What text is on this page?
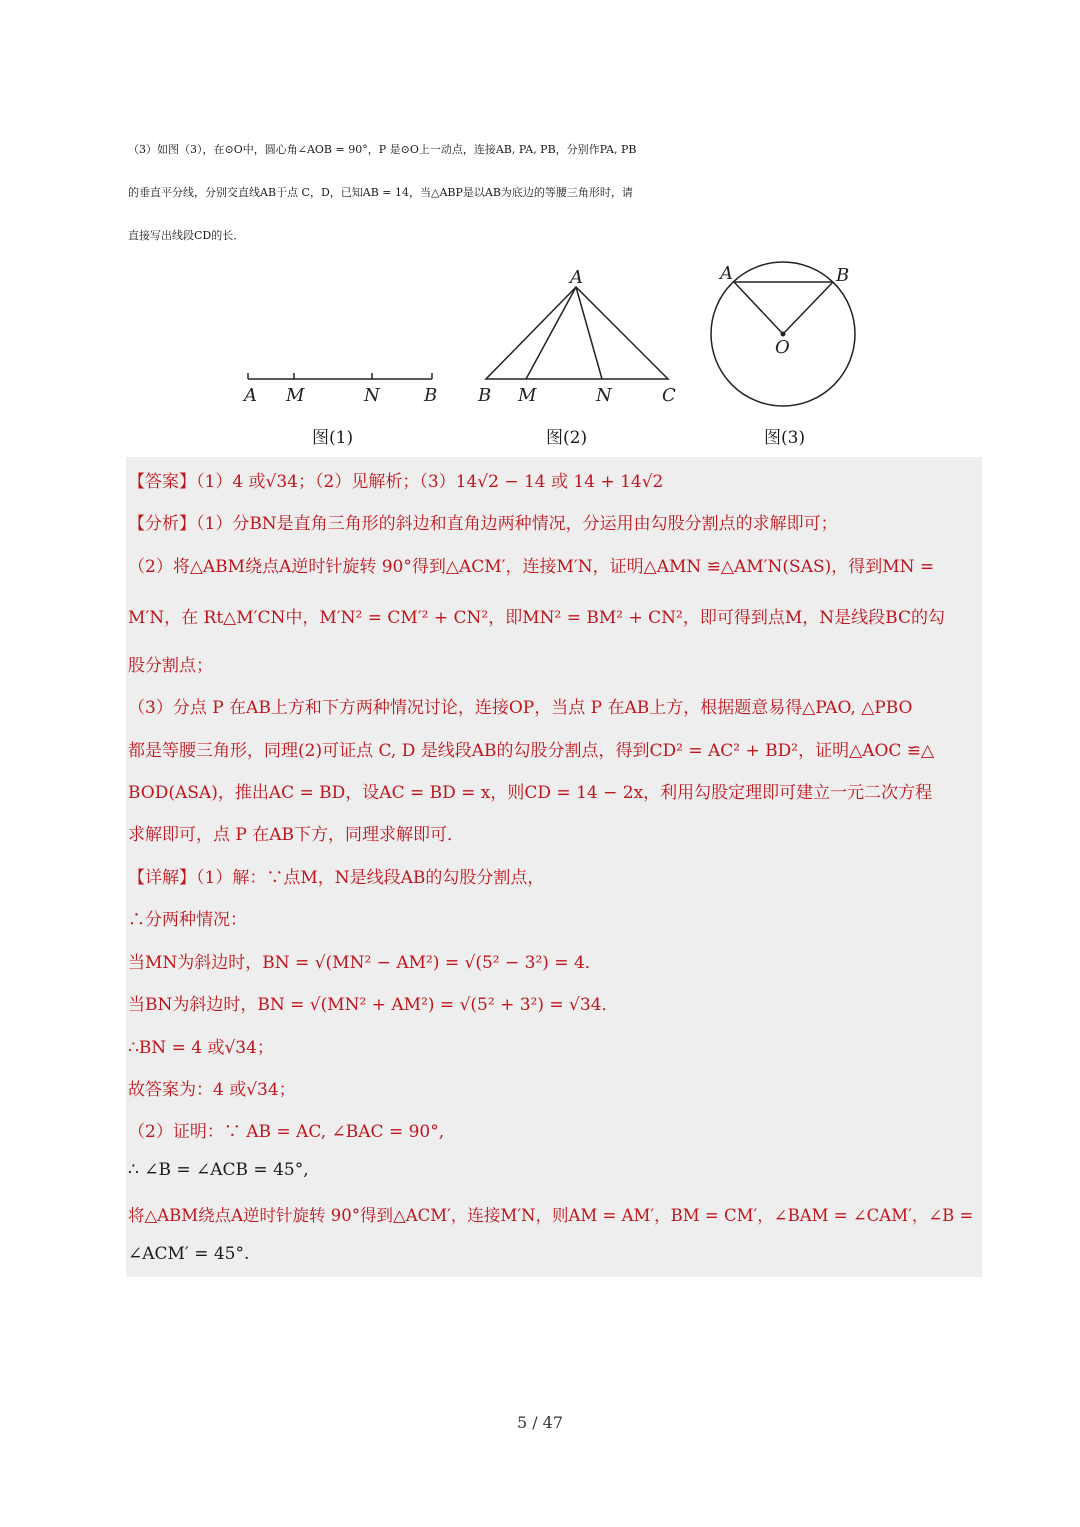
（3）如图（3），在⊙O中，圆心角∠AOB = 90°，P 是⊙O上一动点，连接AB, PA, PB，分别作PA, PB
的垂直平分线，分别交直线AB于点 C，D，已知AB = 14，当△ABP是以AB为底边的等腰三角形时，请
直接写出线段CD的长．
A M	N B
A
B M	N	C
A	B
O
图(1)	图(2)	图(3)
【答案】（1）4 或√34；（2）见解析；（3）14√2 − 14 或 14 + 14√2
【分析】（1）分BN是直角三角形的斜边和直角边两种情况，分运用由勾股分割点的求解即可；
（2）将△ABM绕点A逆时针旋转 90°得到△ACM′，连接M′N，证明△AMN ≌△AM′N(SAS)，得到MN =
M′N，在 Rt△M′CN中，M′N² = CM′² + CN²，即MN² = BM² + CN²，即可得到点M，N是线段BC的勾
股分割点；
（3）分点 P 在AB上方和下方两种情况讨论，连接OP，当点 P 在AB上方，根据题意易得△PAO, △PBO
都是等腰三角形，同理(2)可证点 C, D 是线段AB的勾股分割点，得到CD² = AC² + BD²，证明△AOC ≌△
BOD(ASA)，推出AC = BD，设AC = BD = x，则CD = 14 − 2x，利用勾股定理即可建立一元二次方程
求解即可，点 P 在AB下方，同理求解即可．
【详解】（1）解：∵点M，N是线段AB的勾股分割点，
∴分两种情况：
当MN为斜边时，BN = √(MN² − AM²) = √(5² − 3²) = 4．
当BN为斜边时，BN = √(MN² + AM²) = √(5² + 3²) = √34．
∴BN = 4 或√34；
故答案为：4 或√34；
（2）证明：∵ AB = AC, ∠BAC = 90°,
∴ ∠B = ∠ACB = 45°,
将△ABM绕点A逆时针旋转 90°得到△ACM′，连接M′N，则AM = AM′，BM = CM′，∠BAM = ∠CAM′，∠B =
∠ACM′ = 45°.
5 / 47
